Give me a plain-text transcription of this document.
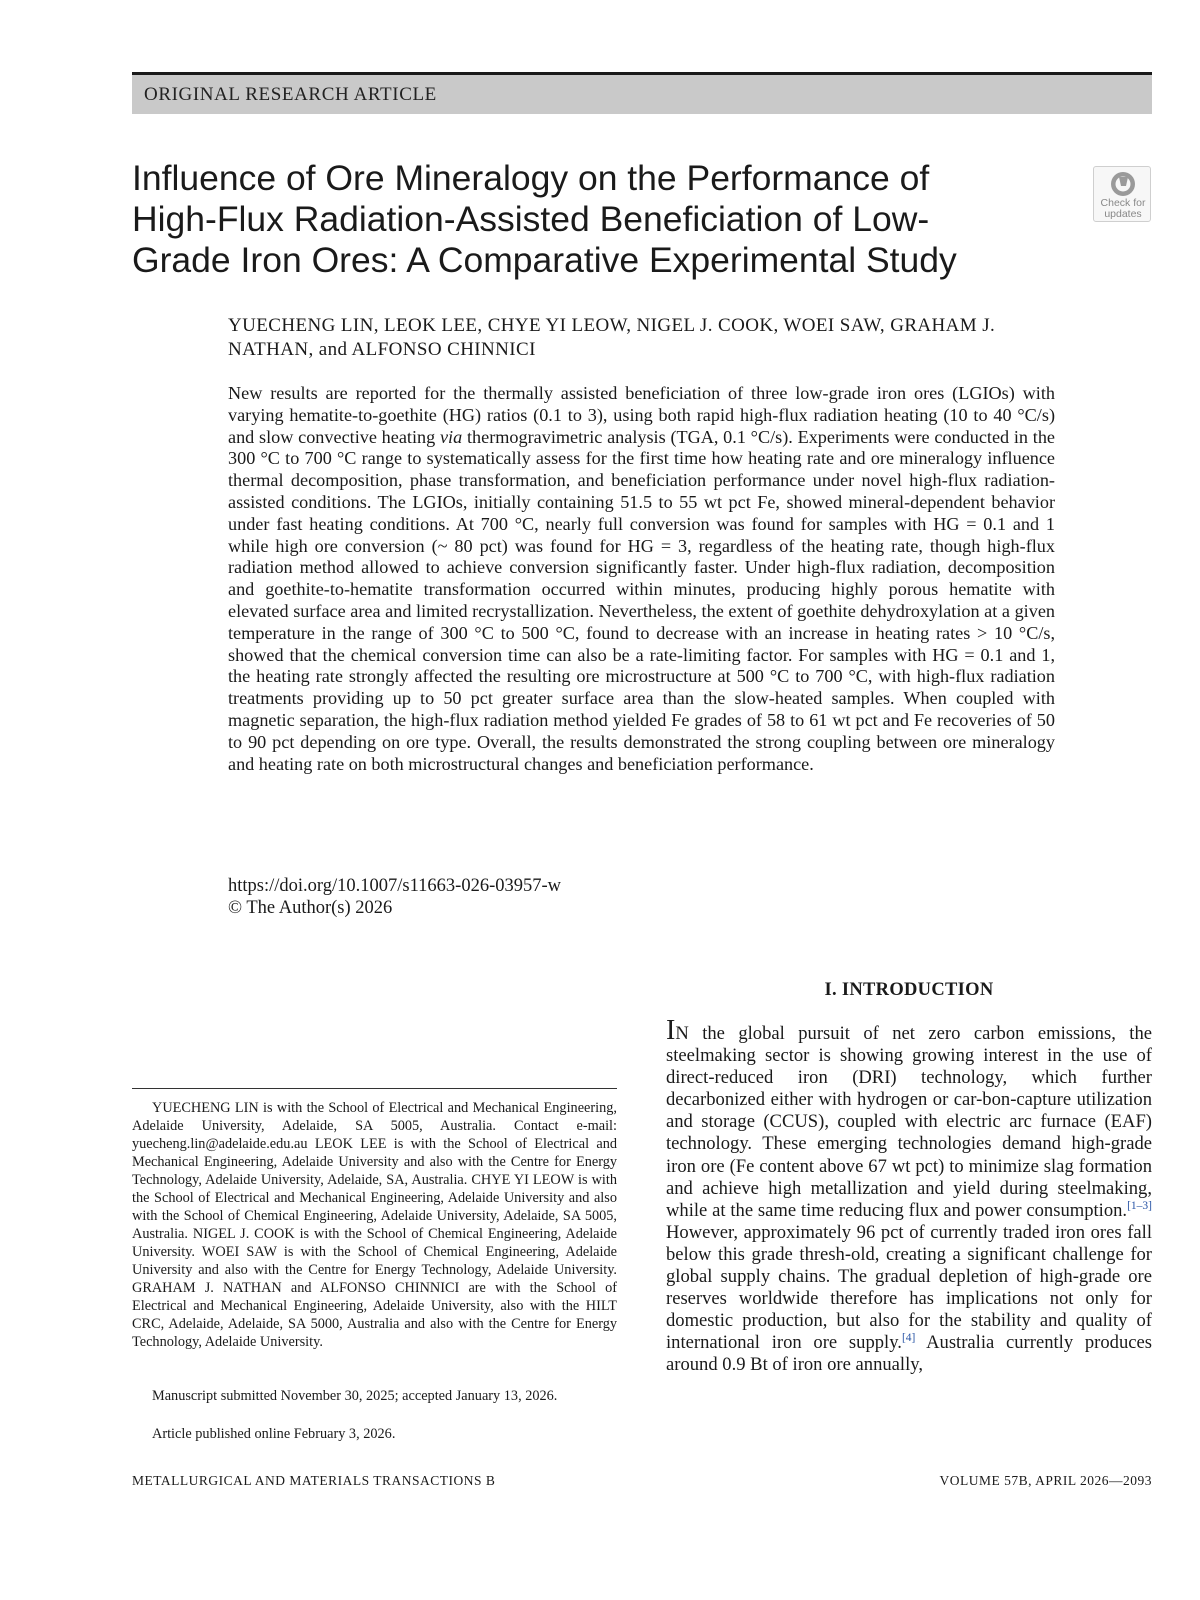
ORIGINAL RESEARCH ARTICLE
Influence of Ore Mineralogy on the Performance of High-Flux Radiation-Assisted Beneficiation of Low-Grade Iron Ores: A Comparative Experimental Study
Check for
updates

YUECHENG LIN, LEOK LEE, CHYE YI LEOW, NIGEL J. COOK, WOEI SAW, GRAHAM J. NATHAN, and ALFONSO CHINNICI

New results are reported for the thermally assisted beneficiation of three low-grade iron ores (LGIOs) with varying hematite-to-goethite (HG) ratios (0.1 to 3), using both rapid high-flux radiation heating (10 to 40 °C/s) and slow convective heating via thermogravimetric analysis (TGA, 0.1 °C/s). Experiments were conducted in the 300 °C to 700 °C range to systematically assess for the first time how heating rate and ore mineralogy influence thermal decomposition, phase transformation, and beneficiation performance under novel high-flux radiation-assisted conditions. The LGIOs, initially containing 51.5 to 55 wt pct Fe, showed mineral-dependent behavior under fast heating conditions. At 700 °C, nearly full conversion was found for samples with HG = 0.1 and 1 while high ore conversion (~ 80 pct) was found for HG = 3, regardless of the heating rate, though high-flux radiation method allowed to achieve conversion significantly faster. Under high-flux radiation, decomposition and goethite-to-hematite transformation occurred within minutes, producing highly porous hematite with elevated surface area and limited recrystallization. Nevertheless, the extent of goethite dehydroxylation at a given temperature in the range of 300 °C to 500 °C, found to decrease with an increase in heating rates > 10 °C/s, showed that the chemical conversion time can also be a rate-limiting factor. For samples with HG = 0.1 and 1, the heating rate strongly affected the resulting ore microstructure at 500 °C to 700 °C, with high-flux radiation treatments providing up to 50 pct greater surface area than the slow-heated samples. When coupled with magnetic separation, the high-flux radiation method yielded Fe grades of 58 to 61 wt pct and Fe recoveries of 50 to 90 pct depending on ore type. Overall, the results demonstrated the strong coupling between ore mineralogy and heating rate on both microstructural changes and beneficiation performance.

https://doi.org/10.1007/s11663-026-03957-w
© The Author(s) 2026

YUECHENG LIN is with the School of Electrical and Mechanical Engineering, Adelaide University, Adelaide, SA 5005, Australia. Contact e-mail: yuecheng.lin@adelaide.edu.au LEOK LEE is with the School of Electrical and Mechanical Engineering, Adelaide University and also with the Centre for Energy Technology, Adelaide University, Adelaide, SA, Australia. CHYE YI LEOW is with the School of Electrical and Mechanical Engineering, Adelaide University and also with the School of Chemical Engineering, Adelaide University, Adelaide, SA 5005, Australia. NIGEL J. COOK is with the School of Chemical Engineering, Adelaide University. WOEI SAW is with the School of Chemical Engineering, Adelaide University and also with the Centre for Energy Technology, Adelaide University. GRAHAM J. NATHAN and ALFONSO CHINNICI are with the School of Electrical and Mechanical Engineering, Adelaide University, also with the HILT CRC, Adelaide, Adelaide, SA 5000, Australia and also with the Centre for Energy Technology, Adelaide University.

Manuscript submitted November 30, 2025; accepted January 13, 2026.

Article published online February 3, 2026.
I. INTRODUCTION

IN the global pursuit of net zero carbon emissions, the steelmaking sector is showing growing interest in the use of direct-reduced iron (DRI) technology, which further decarbonized either with hydrogen or car-bon-capture utilization and storage (CCUS), coupled with electric arc furnace (EAF) technology. These emerging technologies demand high-grade iron ore (Fe content above 67 wt pct) to minimize slag formation and achieve high metallization and yield during steelmaking, while at the same time reducing flux and power consumption.[1–3] However, approximately 96 pct of currently traded iron ores fall below this grade thresh-old, creating a significant challenge for global supply chains. The gradual depletion of high-grade ore reserves worldwide therefore has implications not only for domestic production, but also for the stability and quality of international iron ore supply.[4] Australia currently produces around 0.9 Bt of iron ore annually,

METALLURGICAL AND MATERIALS TRANSACTIONS B	VOLUME 57B, APRIL 2026—2093
